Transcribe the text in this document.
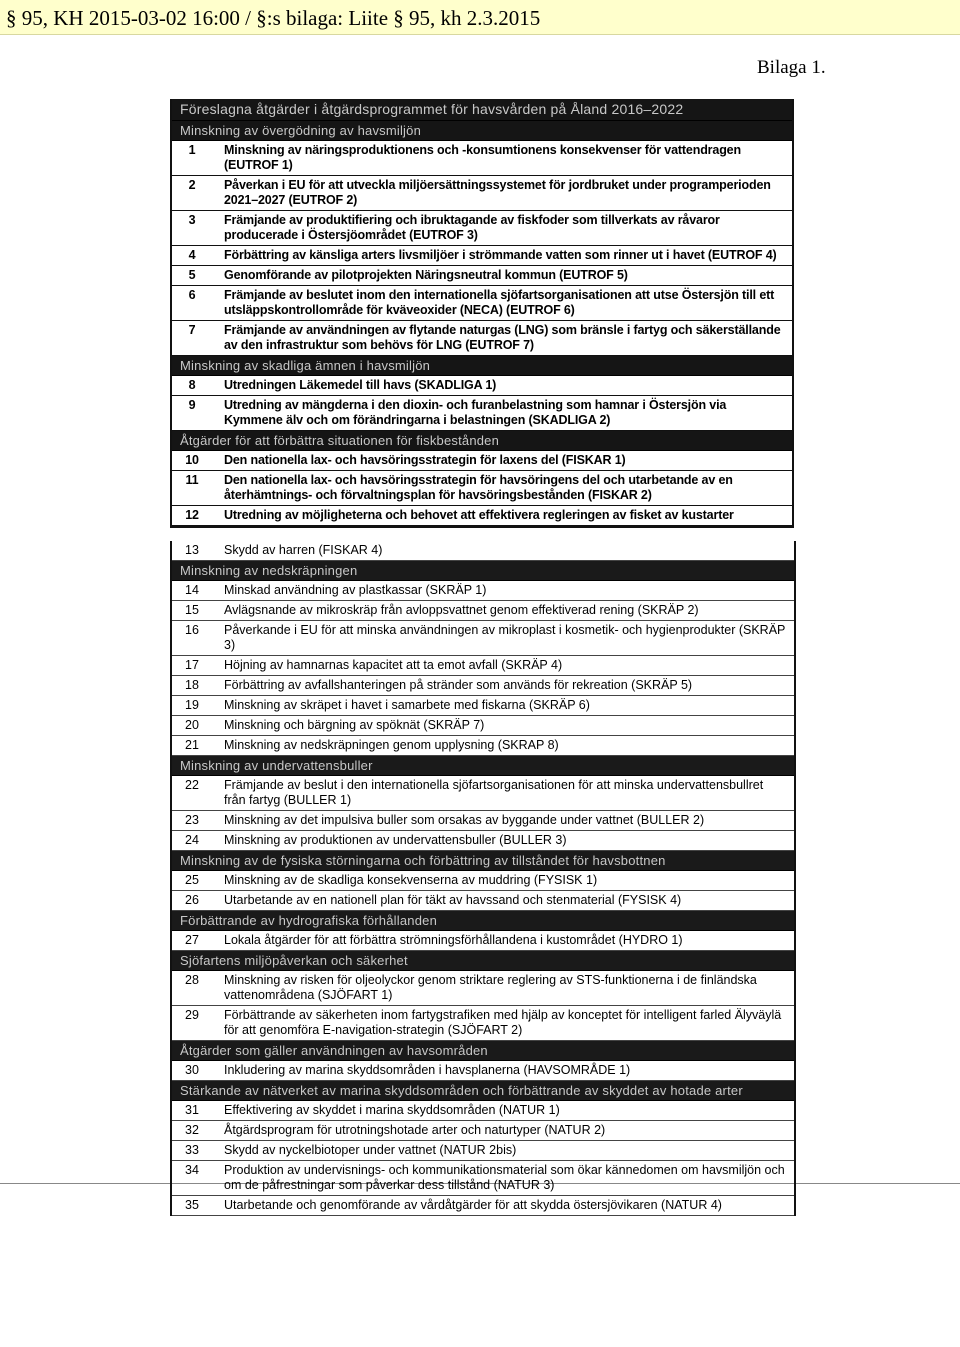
§ 95, KH 2015-03-02 16:00 / §:s bilaga: Liite § 95, kh 2.3.2015
Bilaga 1.
Föreslagna åtgärder i åtgärdsprogrammet för havsvården på Åland 2016–2022
Minskning av övergödning av havsmiljön
1	Minskning av näringsproduktionens och -konsumtionens konsekvenser för vattendragen (EUTROF 1)
2	Påverkan i EU för att utveckla miljöersättningssystemet för jordbruket under programperioden 2021–2027 (EUTROF 2)
3	Främjande av produktifiering och ibruktagande av fiskfoder som tillverkats av råvaror producerade i Östersjöområdet (EUTROF 3)
4	Förbättring av känsliga arters livsmiljöer i strömmande vatten som rinner ut i havet (EUTROF 4)
5	Genomförande av pilotprojekten Näringsneutral kommun (EUTROF 5)
6	Främjande av beslutet inom den internationella sjöfartsorganisationen att utse Östersjön till ett utsläppskontrollområde för kväveoxider (NECA) (EUTROF 6)
7	Främjande av användningen av flytande naturgas (LNG) som bränsle i fartyg och säkerställande av den infrastruktur som behövs för LNG (EUTROF 7)
Minskning av skadliga ämnen i havsmiljön
8	Utredningen Läkemedel till havs (SKADLIGA 1)
9	Utredning av mängderna i den dioxin- och furanbelastning som hamnar i Östersjön via Kymmene älv och om förändringarna i belastningen (SKADLIGA 2)
Åtgärder för att förbättra situationen för fiskbestånden
10	Den nationella lax- och havsöringsstrategin för laxens del (FISKAR 1)
11	Den nationella lax- och havsöringsstrategin för havsöringens del och utarbetande av en återhämtnings- och förvaltningsplan för havsöringsbestånden (FISKAR 2)
12	Utredning av möjligheterna och behovet att effektivera regleringen av fisket av kustarter
13	Skydd av harren (FISKAR 4)
Minskning av nedskräpningen
14	Minskad användning av plastkassar (SKRÄP 1)
15	Avlägsnande av mikroskräp från avloppsvattnet genom effektiverad rening (SKRÄP 2)
16	Påverkande i EU för att minska användningen av mikroplast i kosmetik- och hygienprodukter (SKRÄP 3)
17	Höjning av hamnarnas kapacitet att ta emot avfall (SKRÄP 4)
18	Förbättring av avfallshanteringen på stränder som används för rekreation (SKRÄP 5)
19	Minskning av skräpet i havet i samarbete med fiskarna (SKRÄP 6)
20	Minskning och bärgning av spöknät (SKRÄP 7)
21	Minskning av nedskräpningen genom upplysning (SKRAP 8)
Minskning av undervattensbuller
22	Främjande av beslut i den internationella sjöfartsorganisationen för att minska undervattensbullret från fartyg (BULLER 1)
23	Minskning av det impulsiva buller som orsakas av byggande under vattnet (BULLER 2)
24	Minskning av produktionen av undervattensbuller (BULLER 3)
Minskning av de fysiska störningarna och förbättring av tillståndet för havsbottnen
25	Minskning av de skadliga konsekvenserna av muddring (FYSISK 1)
26	Utarbetande av en nationell plan för täkt av havssand och stenmaterial (FYSISK 4)
Förbättrande av hydrografiska förhållanden
27	Lokala åtgärder för att förbättra strömningsförhållandena i kustområdet (HYDRO 1)
Sjöfartens miljöpåverkan och säkerhet
28	Minskning av risken för oljeolyckor genom striktare reglering av STS-funktionerna i de finländska vattenområdena (SJÖFART 1)
29	Förbättrande av säkerheten inom fartygstrafiken med hjälp av konceptet för intelligent farled Älyväylä för att genomföra E-navigation-strategin (SJÖFART 2)
Åtgärder som gäller användningen av havsområden
30	Inkludering av marina skyddsområden i havsplanerna (HAVSOMRÅDE 1)
Stärkande av nätverket av marina skyddsområden och förbättrande av skyddet av hotade arter
31	Effektivering av skyddet i marina skyddsområden (NATUR 1)
32	Åtgärdsprogram för utrotningshotade arter och naturtyper (NATUR 2)
33	Skydd av nyckelbiotoper under vattnet (NATUR 2bis)
34	Produktion av undervisnings- och kommunikationsmaterial som ökar kännedomen om havsmiljön och om de påfrestningar som påverkar dess tillstånd (NATUR 3)
35	Utarbetande och genomförande av vårdåtgärder för att skydda östersjövikaren (NATUR 4)
